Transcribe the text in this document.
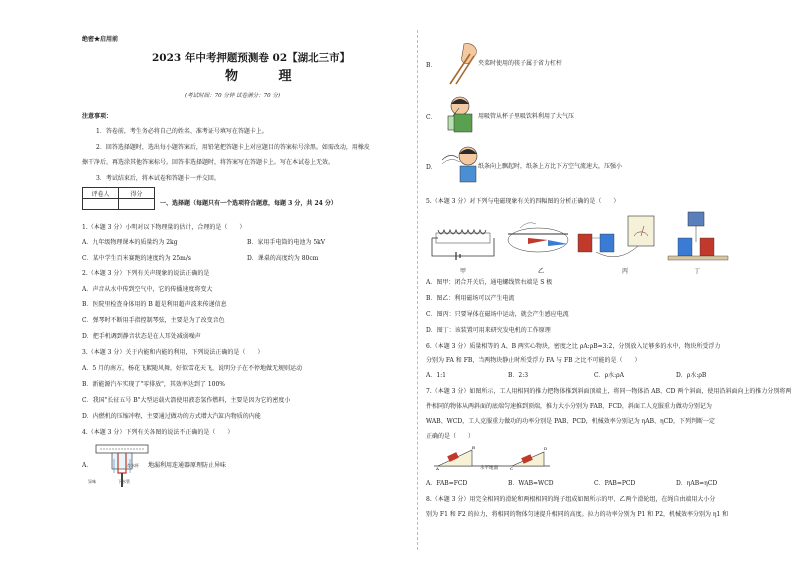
绝密★启用前
2023 年中考押题预测卷 02【湖北三市】
物 理
(考试时间：70 分钟 试卷满分：70 分)
注意事项：
1．答卷前，考生务必将自己的姓名、准考证号填写在答题卡上。
2．回答选择题时，选出每小题答案后，用铅笔把答题卡上对应题目的答案标号涂黑。如需改动，用橡皮
擦干净后，再选涂其他答案标号。回答非选择题时，将答案写在答题卡上。写在本试卷上无效。
3．考试结束后，将本试卷和答题卡一并交回。
评卷人	得分

一、选择题（每题只有一个选项符合题意，每题 3 分，共 24 分）
1.（本题 3 分）小明对以下物理量的估计，合理的是（　　）
A．九年级物理课本的质量约为 2kg	B．家用手电筒的电池为 5kV
C．某中学生百米赛跑的速度约为 25m/s	D．课桌的高度约为 80cm
2.（本题 3 分）下列有关声现象的说法正确的是
A．声音从水中传到空气中，它的传播速度将变大
B．医院里检查身体用的 B 超是利用超声波来传递信息
C．弹琴时不断用手指控制琴弦，主要是为了改变音色
D．把手机调到静音状态是在人耳处减弱噪声
3.（本题 3 分）关于内能和内能的利用，下列说法正确的是（　　）
A．5 月的南方，杨花飞絮随风舞，好似雪花天飞，说明分子在不停地做无规则运动
B．新能源汽车实现了"零排放"，其效率达到了 100%
C．我国"长征五号 B"大型运载火箭使用液态氢作燃料，主要是因为它的密度小
D．内燃机的压缩冲程，主要通过做功的方式增大汽缸内物质的内能
4.（本题 3 分）下列有关各图的说法不正确的是（　　）
A．	存水杯
异味	下水管
地漏利用连通器原理防止异味
B．	夹菜时使用的筷子属于省力杠杆
C．	用吸管从杯子里吸饮料利用了大气压
D．	纸条向上飘起时，纸条上方比下方空气流速大，压强小
5.（本题 3 分）对下列与电磁现象有关的四幅图的分析正确的是（　　）
甲	乙	丙	丁
A．图甲：闭合开关后，通电螺线管右端是 S 极
B．图乙：利用磁场可以产生电流
C．图丙：只要导体在磁场中运动，就会产生感应电流
D．图丁：该装置可用来研究发电机的工作原理
6.（本题 3 分）质量相等的 A、B 两实心物块，密度之比 ρA:ρB=3:2，分别放入足够多的水中，物块所受浮力
分别为 FA 和 FB，当两物块静止时所受浮力 FA 与 FB 之比不可能的是（　　）
A．1:1	B．2:3	C．ρ水:ρA	D．ρ水:ρB
7.（本题 3 分）如图所示，工人用相同的推力把物体推到斜面顶端上，将同一物体沿 AB、CD 两个斜面，使用沿斜面向上的推力分别将两
件相同的物体从两斜面的底端匀速推到顶端，推力大小分别为 FAB、FCD，斜面工人克服重力做功分别记为
WAB、WCD，工人克服重力做功的功率分别是 PAB、PCD，机械效率分别记为 ηAB、ηCD，下列判断一定
正确的是（　　）
A
B	D
C
水平地面
A．FAB=FCD	B．WAB=WCD	C．PAB=PCD	D．ηAB=ηCD
8.（本题 3 分）用完全相同的滑轮和两根相同的绳子组成如图所示的甲、乙两个滑轮组，在绳自由端用大小分
别为 F1 和 F2 的拉力，将相同的物体匀速提升相同的高度。拉力的功率分别为 P1 和 P2，机械效率分别为 η1 和
